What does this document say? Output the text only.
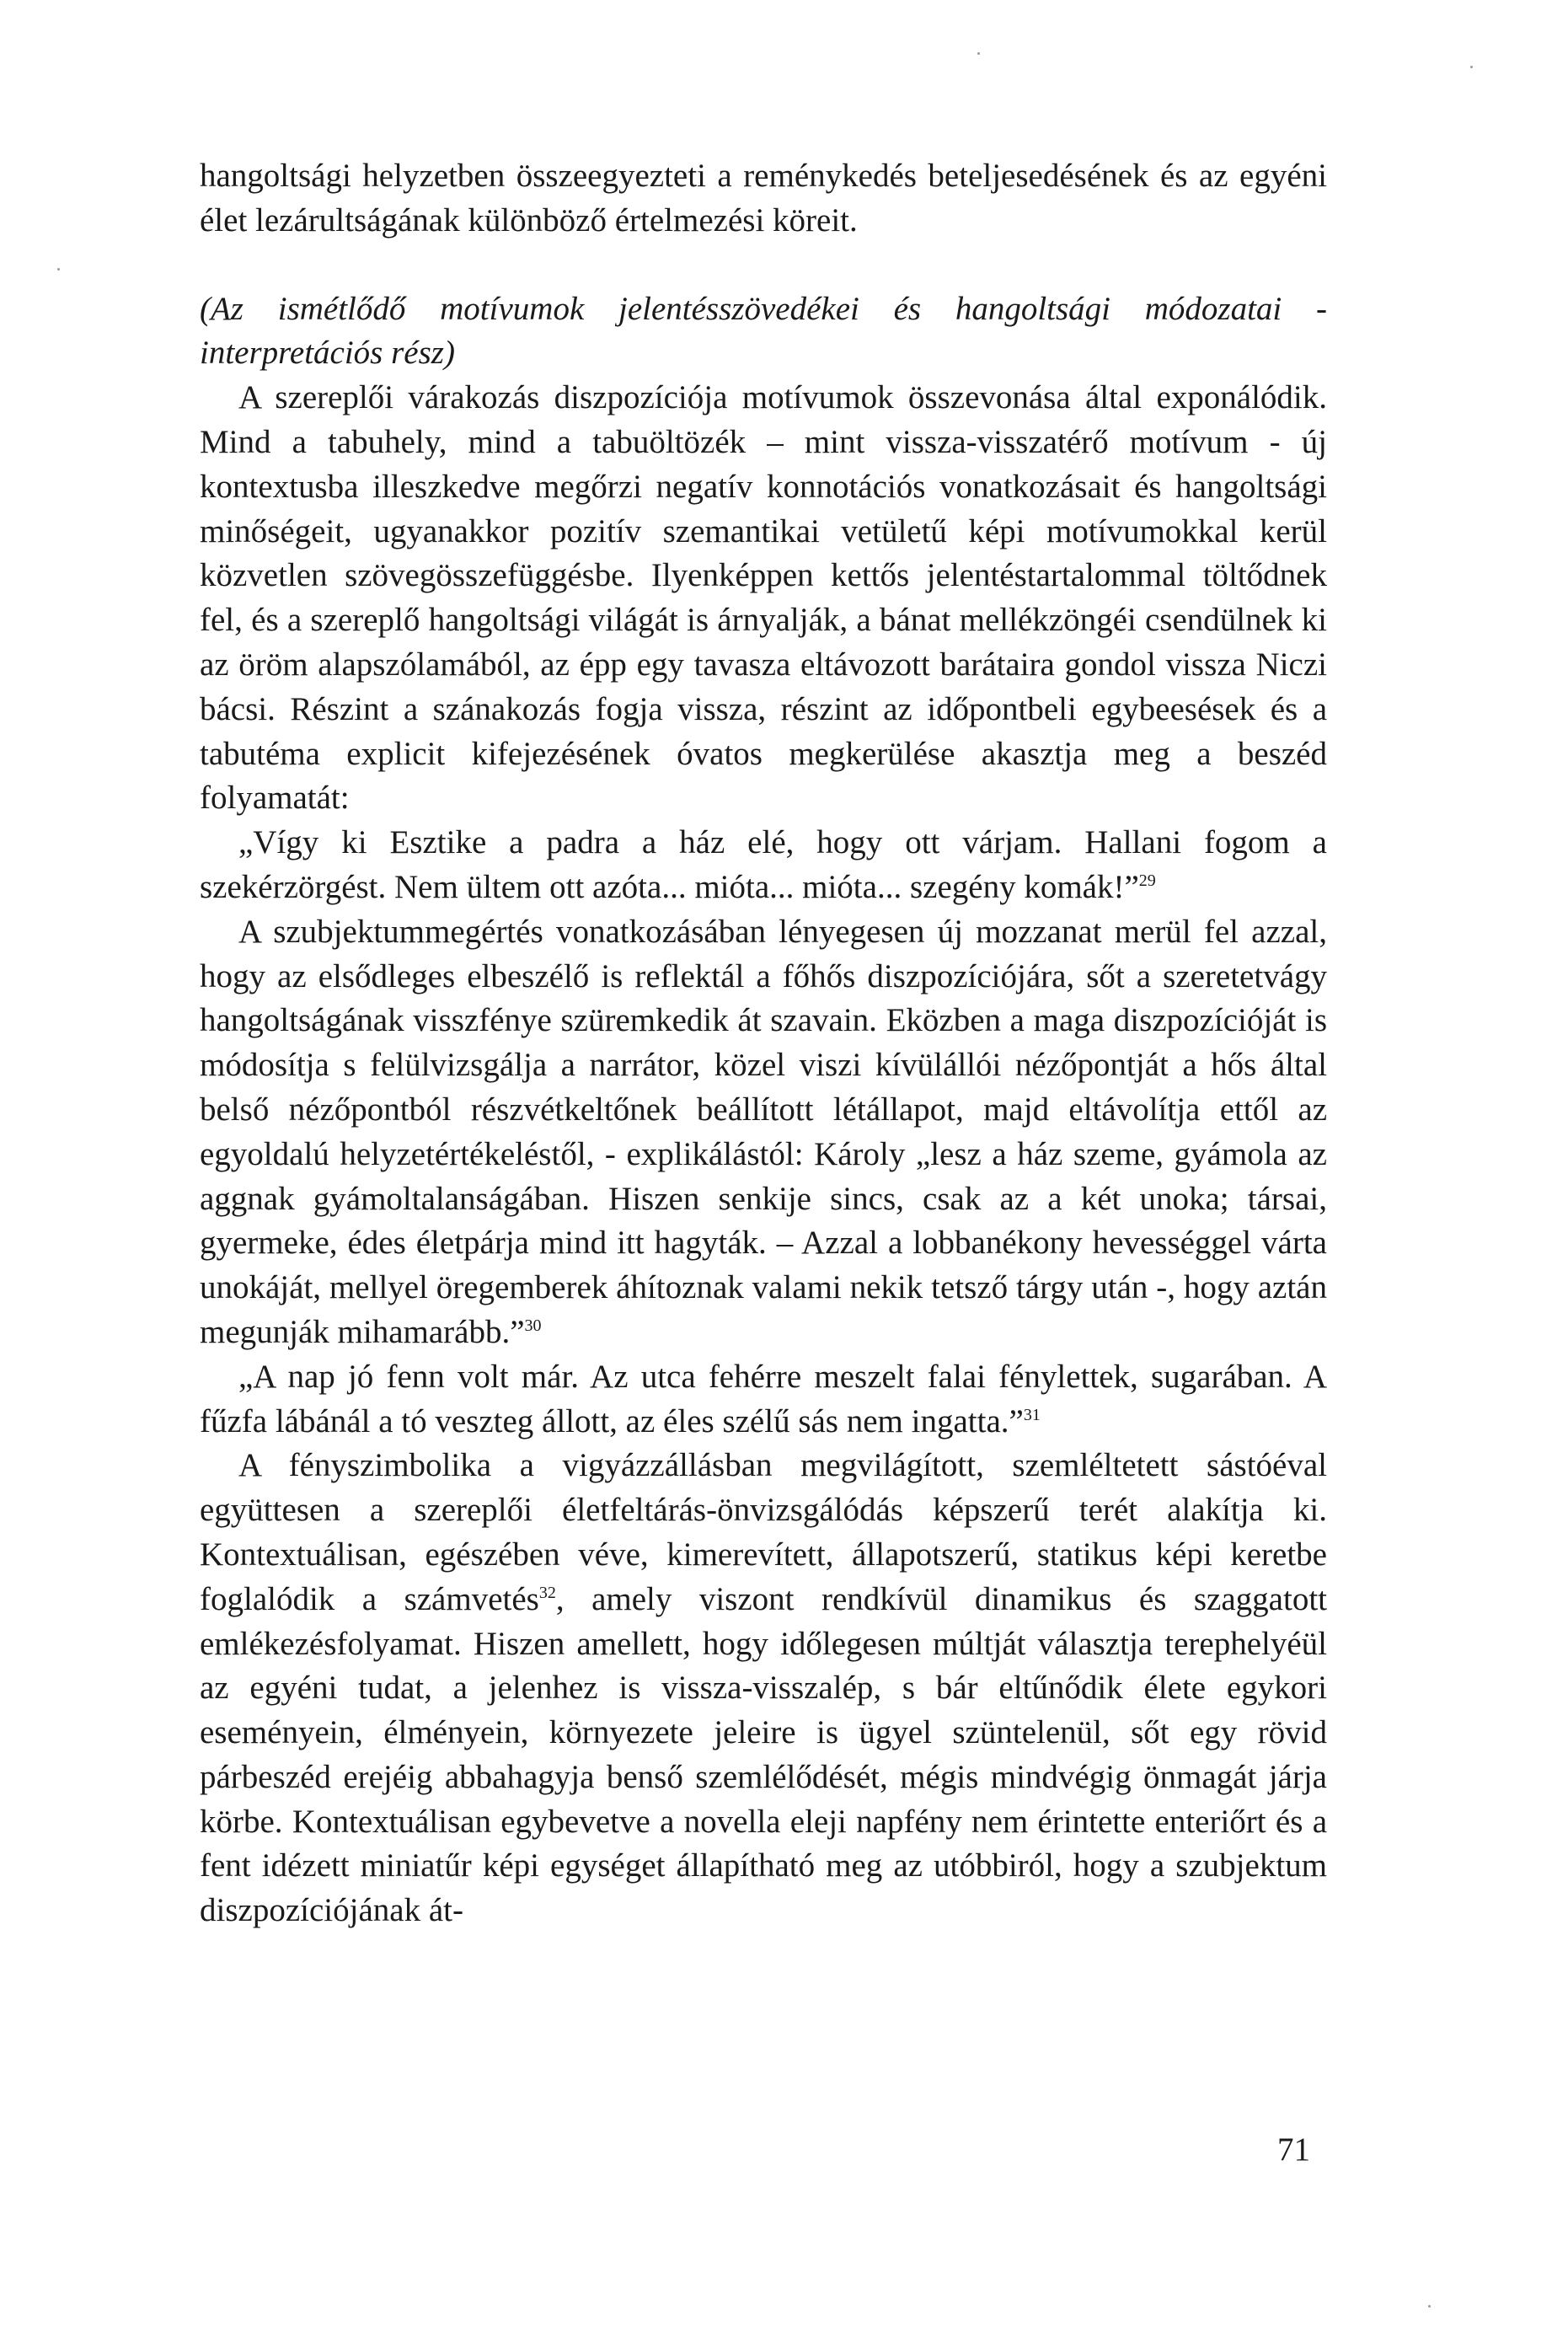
hangoltsági helyzetben összeegyezteti a reménykedés beteljesedésének és az egyéni élet lezárultságának különböző értelmezési köreit.

(Az ismétlődő motívumok jelentésszövedékei és hangoltsági módozatai - interpretációs rész)

A szereplői várakozás diszpozíciója motívumok összevonása által exponálódik. Mind a tabuhely, mind a tabuöltözék – mint vissza-visszatérő motívum - új kontextusba illeszkedve megőrzi negatív konnotációs vonatkozásait és hangoltsági minőségeit, ugyanakkor pozitív szemantikai vetületű képi motívumokkal kerül közvetlen szövegösszefüggésbe. Ilyenképpen kettős jelentéstartalommal töltődnek fel, és a szereplő hangoltsági világát is árnyalják, a bánat mellékzöngéi csendülnek ki az öröm alapszólamából, az épp egy tavasza eltávozott barátaira gondol vissza Niczi bácsi. Részint a szánakozás fogja vissza, részint az időpontbeli egybeesések és a tabutéma explicit kifejezésének óvatos megkerülése akasztja meg a beszéd folyamatát:

„Vígy ki Esztike a padra a ház elé, hogy ott várjam. Hallani fogom a szekérzörgést. Nem ültem ott azóta... mióta... mióta... szegény komák!”$^{29}$

A szubjektummegértés vonatkozásában lényegesen új mozzanat merül fel azzal, hogy az elsődleges elbeszélő is reflektál a főhős diszpozíciójára, sőt a szeretetvágy hangoltságának visszfénye szüremkedik át szavain. Eközben a maga diszpozícióját is módosítja s felülvizsgálja a narrátor, közel viszi kívülállói nézőpontját a hős által belső nézőpontból részvétkeltőnek beállított létállapot, majd eltávolítja ettől az egyoldalú helyzetértékeléstől, - explikálástól: Károly „lesz a ház szeme, gyámola az aggnak gyámoltalanságában. Hiszen senkije sincs, csak az a két unoka; társai, gyermeke, édes életpárja mind itt hagyták. – Azzal a lobbanékony hevességgel várta unokáját, mellyel öregemberek áhítoznak valami nekik tetsző tárgy után -, hogy aztán megunják mihamarább.”$^{30}$

„A nap jó fenn volt már. Az utca fehérre meszelt falai fénylettek, sugarában. A fűzfa lábánál a tó veszteg állott, az éles szélű sás nem ingatta.”$^{31}$

A fényszimbolika a vigyázzállásban megvilágított, szemléltetett sástóéval együttesen a szereplői életfeltárás-önvizsgálódás képszerű terét alakítja ki. Kontextuálisan, egészében véve, kimerevített, állapotszerű, statikus képi keretbe foglalódik a számvetés$^{32}$, amely viszont rendkívül dinamikus és szaggatott emlékezésfolyamat. Hiszen amellett, hogy időlegesen múltját választja terephelyéül az egyéni tudat, a jelenhez is vissza-visszalép, s bár eltűnődik élete egykori eseményein, élményein, környezete jeleire is ügyel szüntelenül, sőt egy rövid párbeszéd erejéig abbahagyja benső szemlélődését, mégis mindvégig önmagát járja körbe. Kontextuálisan egybevetve a novella eleji napfény nem érintette enteriőrt és a fent idézett miniatűr képi egységet állapítható meg az utóbbiról, hogy a szubjektum diszpozíciójának át-

71
